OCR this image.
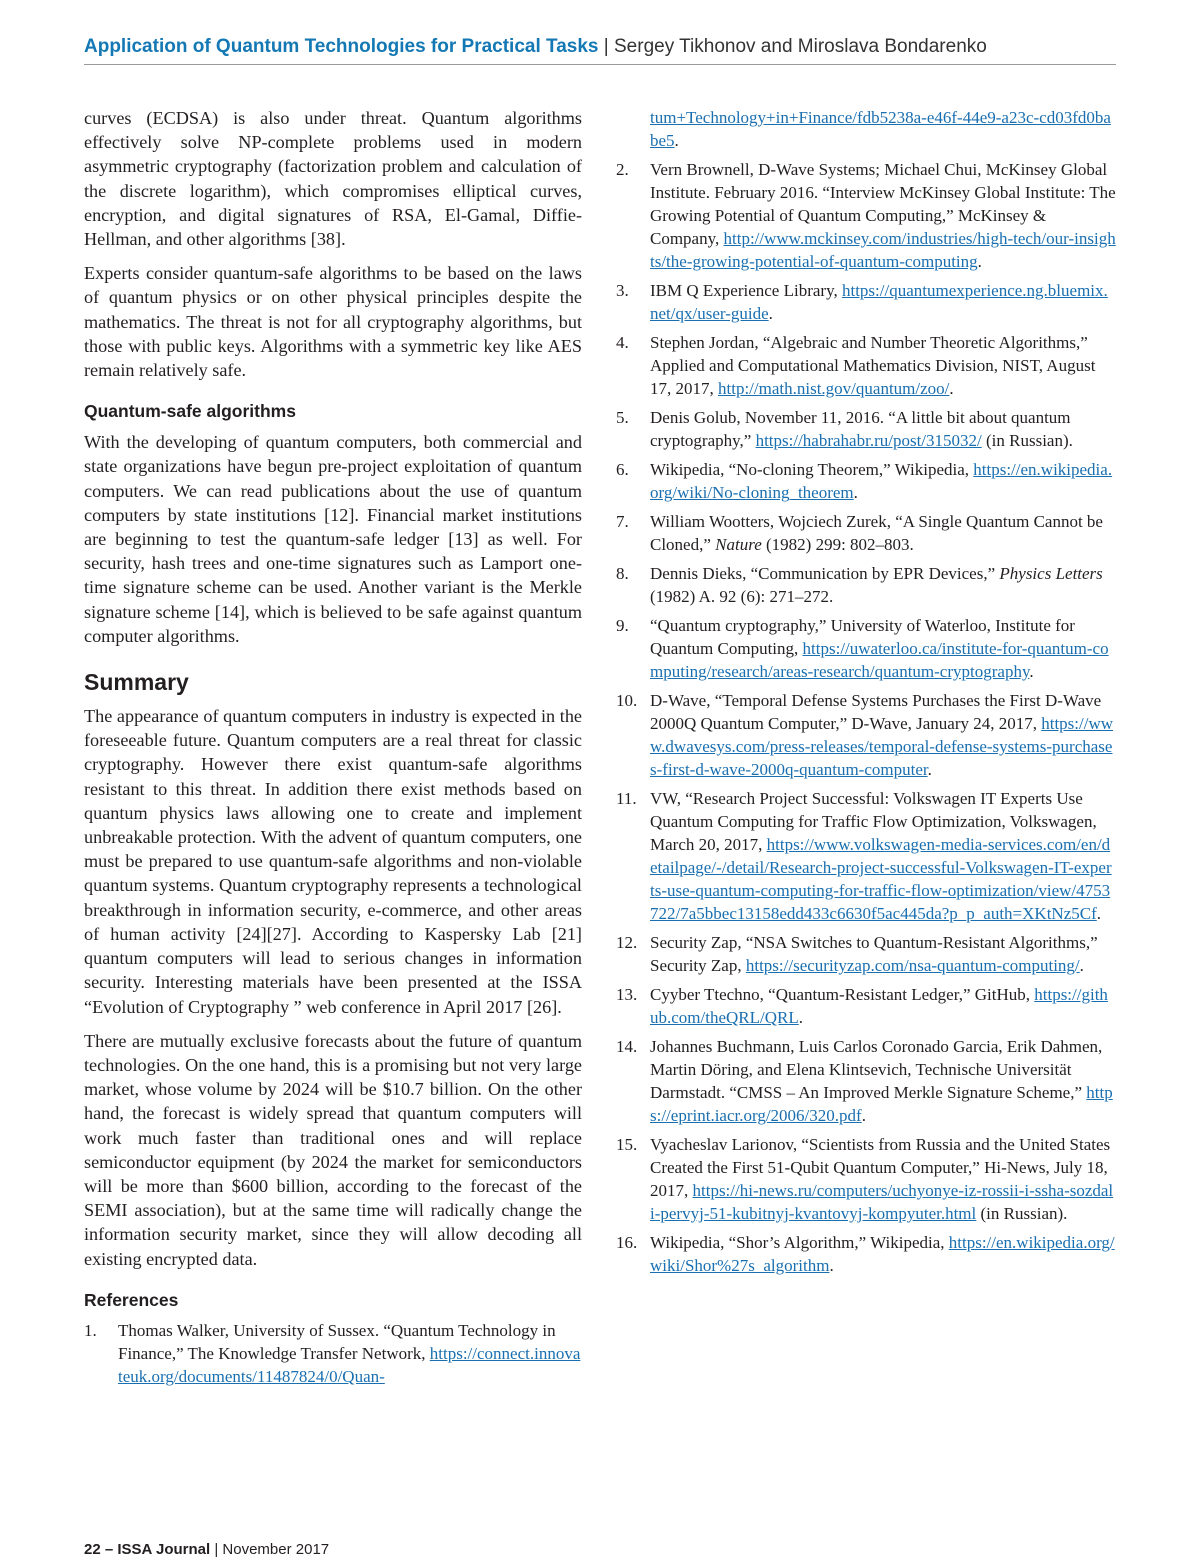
Application of Quantum Technologies for Practical Tasks | Sergey Tikhonov and Miroslava Bondarenko

curves (ECDSA) is also under threat. Quantum algorithms effectively solve NP-complete problems used in modern asymmetric cryptography (factorization problem and calculation of the discrete logarithm), which compromises elliptical curves, encryption, and digital signatures of RSA, El-Gamal, Diffie-Hellman, and other algorithms [38].

Experts consider quantum-safe algorithms to be based on the laws of quantum physics or on other physical principles despite the mathematics. The threat is not for all cryptography algorithms, but those with public keys. Algorithms with a symmetric key like AES remain relatively safe.

Quantum-safe algorithms

With the developing of quantum computers, both commercial and state organizations have begun pre-project exploitation of quantum computers. We can read publications about the use of quantum computers by state institutions [12]. Financial market institutions are beginning to test the quantum-safe ledger [13] as well. For security, hash trees and one-time signatures such as Lamport one-time signature scheme can be used. Another variant is the Merkle signature scheme [14], which is believed to be safe against quantum computer algorithms.

Summary

The appearance of quantum computers in industry is expected in the foreseeable future. Quantum computers are a real threat for classic cryptography. However there exist quantum-safe algorithms resistant to this threat. In addition there exist methods based on quantum physics laws allowing one to create and implement unbreakable protection. With the advent of quantum computers, one must be prepared to use quantum-safe algorithms and non-violable quantum systems. Quantum cryptography represents a technological breakthrough in information security, e-commerce, and other areas of human activity [24][27]. According to Kaspersky Lab [21] quantum computers will lead to serious changes in information security. Interesting materials have been presented at the ISSA “Evolution of Cryptography ” web conference in April 2017 [26].

There are mutually exclusive forecasts about the future of quantum technologies. On the one hand, this is a promising but not very large market, whose volume by 2024 will be $10.7 billion. On the other hand, the forecast is widely spread that quantum computers will work much faster than traditional ones and will replace semiconductor equipment (by 2024 the market for semiconductors will be more than $600 billion, according to the forecast of the SEMI association), but at the same time will radically change the information security market, since they will allow decoding all existing encrypted data.

References
1. Thomas Walker, University of Sussex. “Quantum Technology in Finance,” The Knowledge Transfer Network, https://connect.innovateuk.org/documents/11487824/0/Quan-
tum+Technology+in+Finance/fdb5238a-e46f-44e9-a23c-cd03fd0babe5.
2. Vern Brownell, D-Wave Systems; Michael Chui, McKinsey Global Institute. February 2016. “Interview McKinsey Global Institute: The Growing Potential of Quantum Computing,” McKinsey & Company, http://www.mckinsey.com/industries/high-tech/our-insights/the-growing-potential-of-quantum-computing.
3. IBM Q Experience Library, https://quantumexperience.ng.bluemix.net/qx/user-guide.
4. Stephen Jordan, “Algebraic and Number Theoretic Algorithms,” Applied and Computational Mathematics Division, NIST, August 17, 2017, http://math.nist.gov/quantum/zoo/.
5. Denis Golub, November 11, 2016. “A little bit about quantum cryptography,” https://habrahabr.ru/post/315032/ (in Russian).
6. Wikipedia, “No-cloning Theorem,” Wikipedia, https://en.wikipedia.org/wiki/No-cloning_theorem.
7. William Wootters, Wojciech Zurek, “A Single Quantum Cannot be Cloned,” Nature (1982) 299: 802–803.
8. Dennis Dieks, “Communication by EPR Devices,” Physics Letters (1982) A. 92 (6): 271–272.
9. “Quantum cryptography,” University of Waterloo, Institute for Quantum Computing, https://uwaterloo.ca/institute-for-quantum-computing/research/areas-research/quantum-cryptography.
10. D-Wave, “Temporal Defense Systems Purchases the First D-Wave 2000Q Quantum Computer,” D-Wave, January 24, 2017, https://www.dwavesys.com/press-releases/temporal-defense-systems-purchases-first-d-wave-2000q-quantum-computer.
11. VW, “Research Project Successful: Volkswagen IT Experts Use Quantum Computing for Traffic Flow Optimization, Volkswagen, March 20, 2017, https://www.volkswagen-media-services.com/en/detailpage/-/detail/Research-project-successful-Volkswagen-IT-experts-use-quantum-computing-for-traffic-flow-optimization/view/4753722/7a5bbec13158edd433c6630f5ac445da?p_p_auth=XKtNz5Cf.
12. Security Zap, “NSA Switches to Quantum-Resistant Algorithms,” Security Zap, https://securityzap.com/nsa-quantum-computing/.
13. Cyyber Ttechno, “Quantum-Resistant Ledger,” GitHub, https://github.com/theQRL/QRL.
14. Johannes Buchmann, Luis Carlos Coronado Garcia, Erik Dahmen, Martin Döring, and Elena Klintsevich, Technische Universität Darmstadt. “CMSS – An Improved Merkle Signature Scheme,” https://eprint.iacr.org/2006/320.pdf.
15. Vyacheslav Larionov, “Scientists from Russia and the United States Created the First 51-Qubit Quantum Computer,” Hi-News, July 18, 2017, https://hi-news.ru/computers/uchyonye-iz-rossii-i-ssha-sozdali-pervyj-51-kubitnyj-kvantovyj-kompyuter.html (in Russian).
16. Wikipedia, “Shor’s Algorithm,” Wikipedia, https://en.wikipedia.org/wiki/Shor%27s_algorithm.
22 – ISSA Journal | November 2017
